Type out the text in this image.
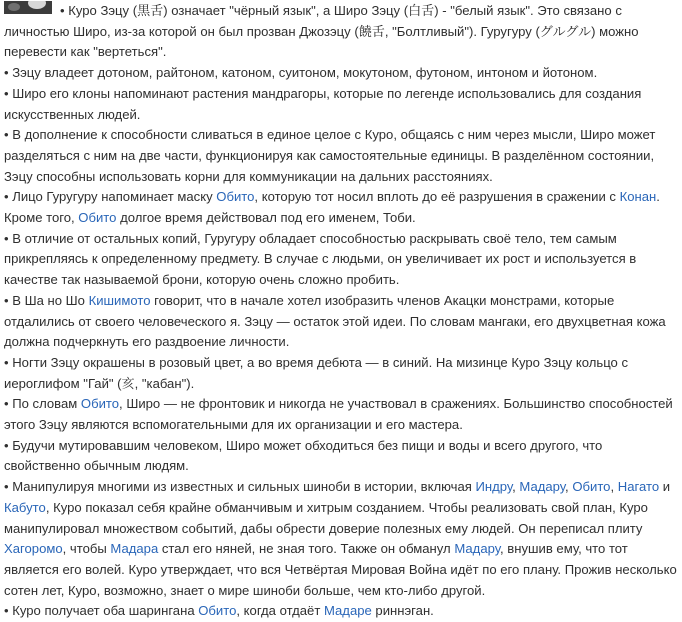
• Куро Зэцу (黒舌) означает "чёрный язык", а Широ Зэцу (白舌) - "белый язык". Это связано с личностью Широ, из-за которой он был прозван Джозэцу (饒舌, "Болтливый"). Гуругуру (グルグル) можно перевести как "вертеться".

• Зэцу владеет дотоном, райтоном, катоном, суитоном, мокутоном, футоном, интоном и йотоном.

• Широ его клоны напоминают растения мандрагоры, которые по легенде использовались для создания искусственных людей.

• В дополнение к способности сливаться в единое целое с Куро, общаясь с ним через мысли, Широ может разделяться с ним на две части, функционируя как самостоятельные единицы. В разделённом состоянии, Зэцу способны использовать корни для коммуникации на дальних расстояниях.

• Лицо Гуругуру напоминает маску Обито, которую тот носил вплоть до её разрушения в сражении с Конан. Кроме того, Обито долгое время действовал под его именем, Тоби.

• В отличие от остальных копий, Гуругуру обладает способностью раскрывать своё тело, тем самым прикрепляясь к определенному предмету. В случае с людьми, он увеличивает их рост и используется в качестве так называемой брони, которую очень сложно пробить.

• В Ша но Шо Кишимото говорит, что в начале хотел изобразить членов Акацки монстрами, которые отдалились от своего человеческого я. Зэцу — остаток этой идеи. По словам мангаки, его двухцветная кожа должна подчеркнуть его раздвоение личности.

• Ногти Зэцу окрашены в розовый цвет, а во время дебюта — в синий. На мизинце Куро Зэцу кольцо с иероглифом "Гай" (亥, "кабан").

• По словам Обито, Широ — не фронтовик и никогда не участвовал в сражениях. Большинство способностей этого Зэцу являются вспомогательными для их организации и его мастера.

• Будучи мутировавшим человеком, Широ может обходиться без пищи и воды и всего другого, что свойственно обычным людям.

• Манипулируя многими из известных и сильных шиноби в истории, включая Индру, Мадару, Обито, Нагато и Кабуто, Куро показал себя крайне обманчивым и хитрым созданием. Чтобы реализовать свой план, Куро манипулировал множеством событий, дабы обрести доверие полезных ему людей. Он переписал плиту Хагоромо, чтобы Мадара стал его няней, не зная того. Также он обманул Мадару, внушив ему, что тот является его волей. Куро утверждает, что вся Четвёртая Мировая Война идёт по его плану. Прожив несколько сотен лет, Куро, возможно, знает о мире шиноби больше, чем кто-либо другой.

• Куро получает оба шарингана Обито, когда отдаёт Мадаре риннэган.
